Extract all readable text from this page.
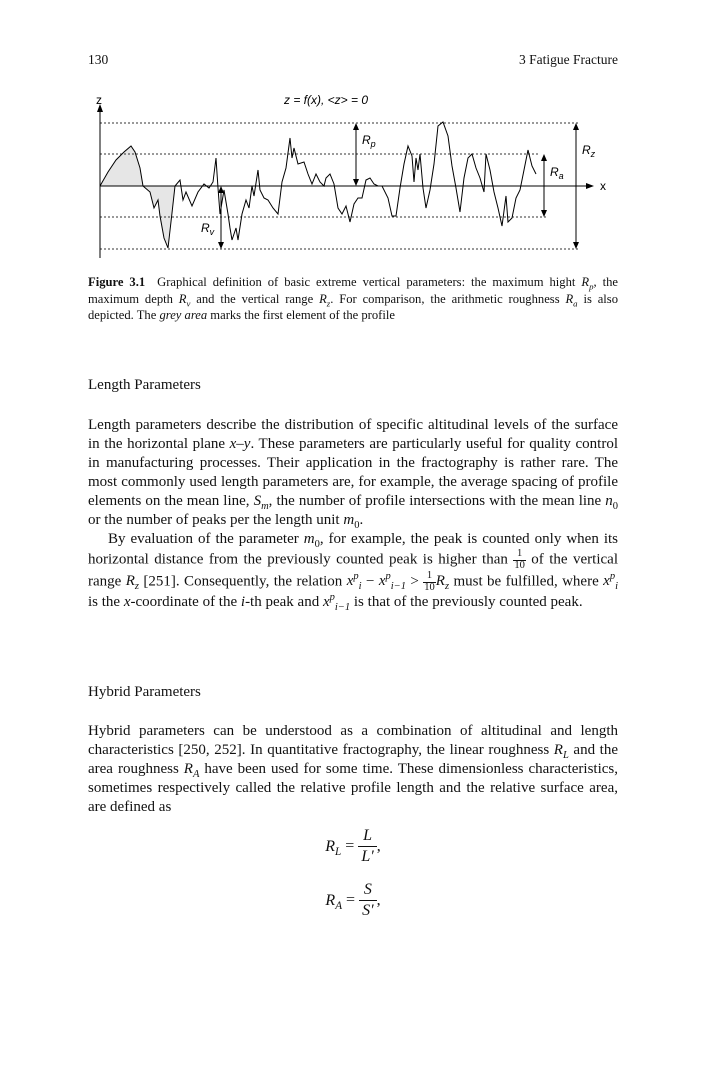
130	3 Fatigue Fracture
z
x
z = f(x), <z> = 0
$R_p$
$R_v$
$R_a$
$R_z$
Figure 3.1 Graphical definition of basic extreme vertical parameters: the maximum hight $R_p$, the maximum depth $R_v$ and the vertical range $R_z$. For comparison, the arithmetic roughness $R_a$ is also depicted. The grey area marks the first element of the profile
Length Parameters
Length parameters describe the distribution of specific altitudinal levels of the surface in the horizontal plane x–y. These parameters are particularly useful for quality control in manufacturing processes. Their application in the fractography is rather rare. The most commonly used length parameters are, for example, the average spacing of profile elements on the mean line, $S_m$, the number of profile intersections with the mean line $n_0$ or the number of peaks per the length unit $m_0$.
By evaluation of the parameter $m_0$, for example, the peak is counted only when its horizontal distance from the previously counted peak is higher than $\frac{1}{10}$ of the vertical range $R_z$ [251]. Consequently, the relation $x^p_i - x^p_{i-1} > \frac{1}{10} R_z$ must be fulfilled, where $x^p_i$ is the x-coordinate of the i-th peak and $x^p_{i-1}$ is that of the previously counted peak.
Hybrid Parameters
Hybrid parameters can be understood as a combination of altitudinal and length characteristics [250, 252]. In quantitative fractography, the linear roughness $R_L$ and the area roughness $R_A$ have been used for some time. These dimensionless characteristics, sometimes respectively called the relative profile length and the relative surface area, are defined as
$R_L = \frac{L}{L'}$ ,
$R_A = \frac{S}{S'}$ ,
